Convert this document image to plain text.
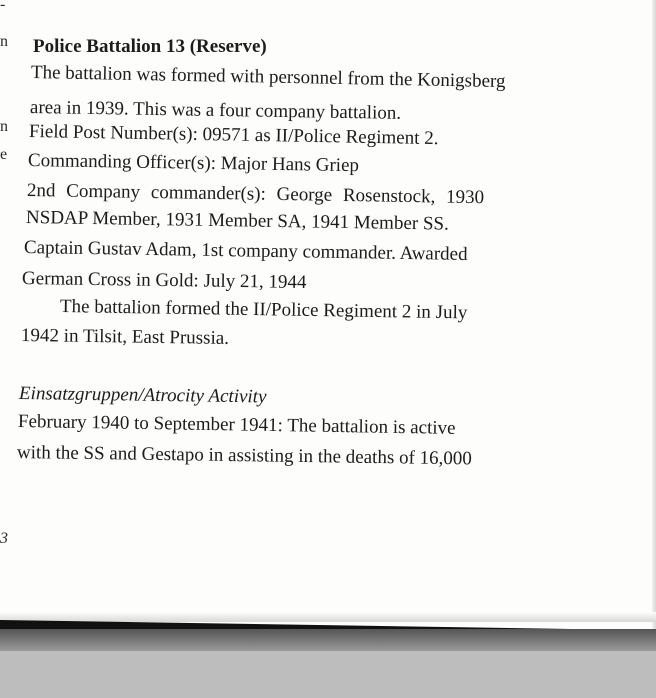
-
n
n
e
3
Police Battalion 13 (Reserve)
The battalion was formed with personnel from the Konigsberg
area in 1939. This was a four company battalion.
Field Post Number(s): 09571 as II/Police Regiment 2.
Commanding Officer(s): Major Hans Griep
2nd Company commander(s): George Rosenstock, 1930
NSDAP Member, 1931 Member SA, 1941 Member SS.
Captain Gustav Adam, 1st company commander. Awarded
German Cross in Gold: July 21, 1944
The battalion formed the II/Police Regiment 2 in July
1942 in Tilsit, East Prussia.
Einsatzgruppen/Atrocity Activity
February 1940 to September 1941: The battalion is active
with the SS and Gestapo in assisting in the deaths of 16,000
